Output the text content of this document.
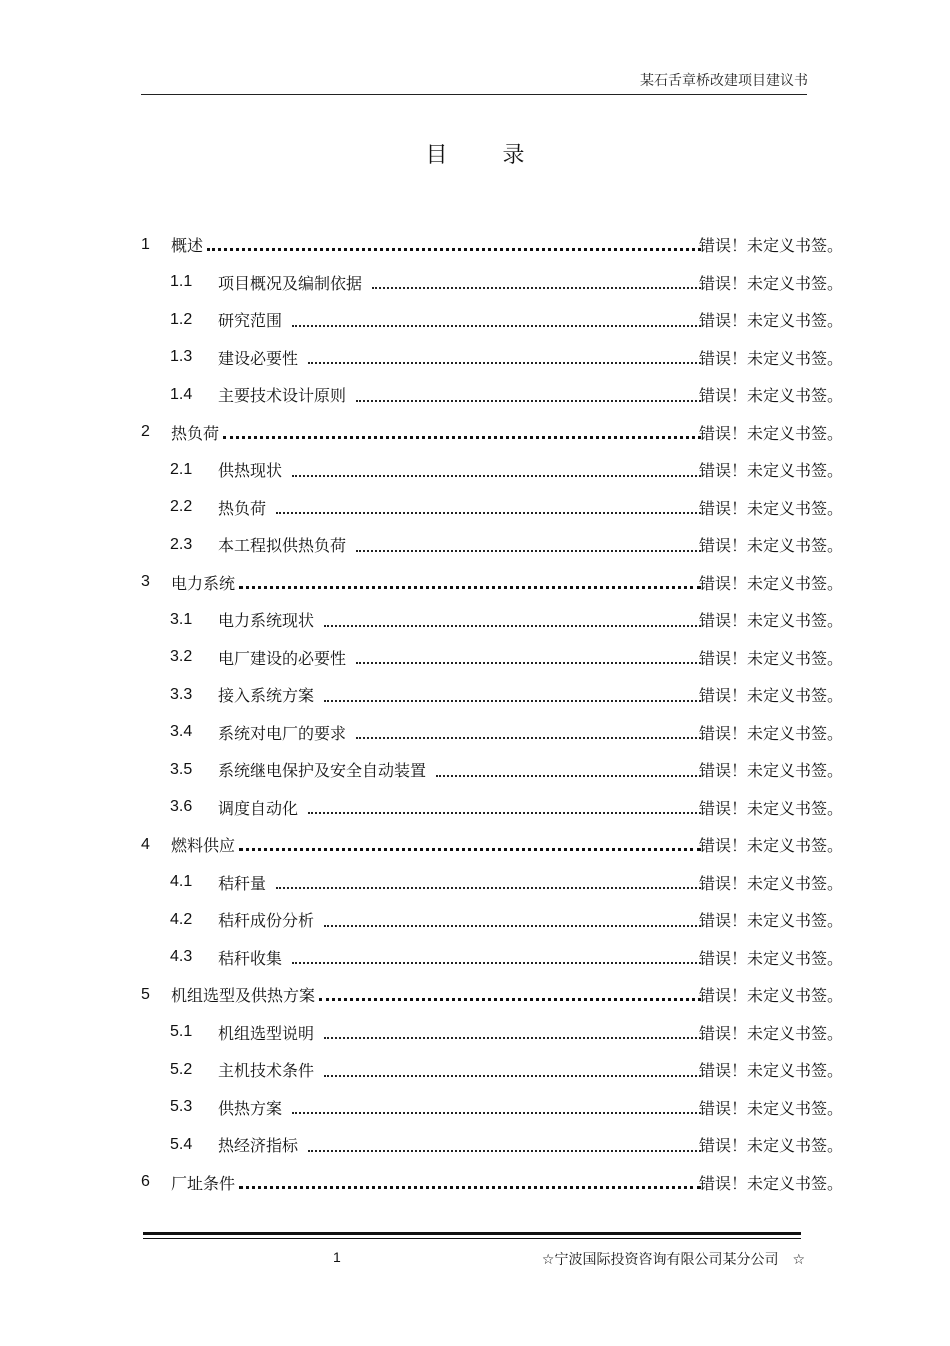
某石舌章桥改建项目建议书
目	录
1	概述	错误！未定义书签。
1.1	项目概况及编制依据	错误！未定义书签。
1.2	研究范围	错误！未定义书签。
1.3	建设必要性	错误！未定义书签。
1.4	主要技术设计原则	错误！未定义书签。
2	热负荷	错误！未定义书签。
2.1	供热现状	错误！未定义书签。
2.2	热负荷	错误！未定义书签。
2.3	本工程拟供热负荷	错误！未定义书签。
3	电力系统	错误！未定义书签。
3.1	电力系统现状	错误！未定义书签。
3.2	电厂建设的必要性	错误！未定义书签。
3.3	接入系统方案	错误！未定义书签。
3.4	系统对电厂的要求	错误！未定义书签。
3.5	系统继电保护及安全自动装置	错误！未定义书签。
3.6	调度自动化	错误！未定义书签。
4	燃料供应	错误！未定义书签。
4.1	秸秆量	错误！未定义书签。
4.2	秸秆成份分析	错误！未定义书签。
4.3	秸秆收集	错误！未定义书签。
5	机组选型及供热方案	错误！未定义书签。
5.1	机组选型说明	错误！未定义书签。
5.2	主机技术条件	错误！未定义书签。
5.3	供热方案	错误！未定义书签。
5.4	热经济指标	错误！未定义书签。
6	厂址条件	错误！未定义书签。
1	☆宁波国际投资咨询有限公司某分公司　☆
